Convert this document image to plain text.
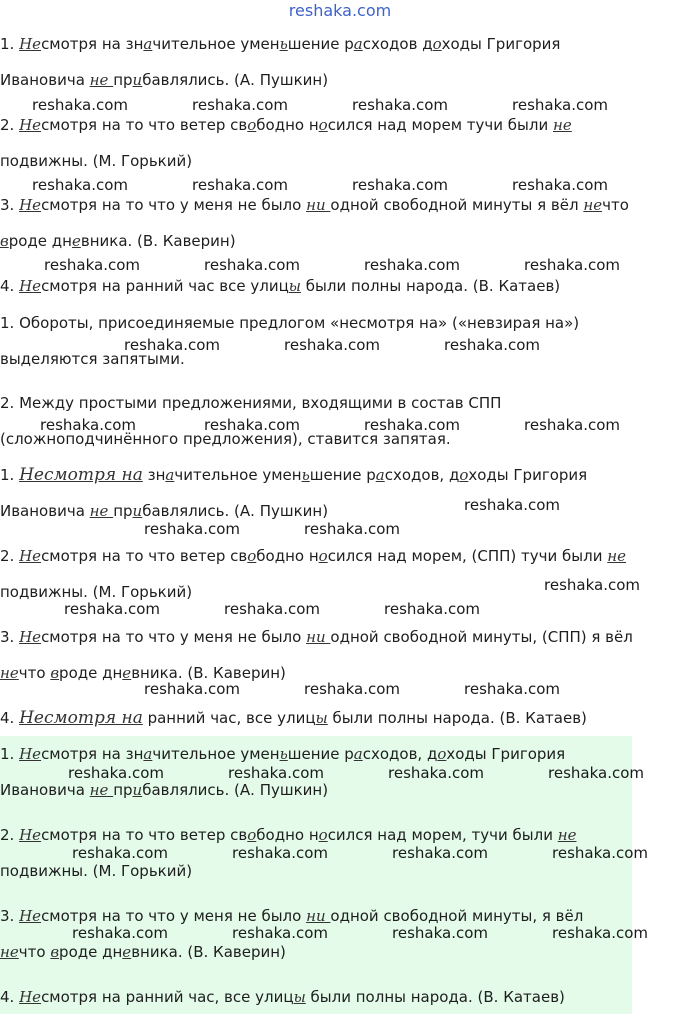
reshaka.com
1. Несмотря на значительное уменьшение расходов доходы Григория
Ивановича не прибавлялись. (А. Пушкин)
2. Несмотря на то что ветер свободно носился над морем тучи были не
подвижны. (М. Горький)
3. Несмотря на то что у меня не было ни одной свободной минуты я вёл нечто
вроде дневника. (В. Каверин)
4. Несмотря на ранний час все улицы были полны народа. (В. Катаев)
1. Обороты, присоединяемые предлогом «несмотря на» («невзирая на»)
выделяются запятыми.
2. Между простыми предложениями, входящими в состав СПП
(сложноподчинённого предложения), ставится запятая.
1. Несмотря на значительное уменьшение расходов, доходы Григория
Ивановича не прибавлялись. (А. Пушкин)
2. Несмотря на то что ветер свободно носился над морем, (СПП) тучи были не
подвижны. (М. Горький)
3. Несмотря на то что у меня не было ни одной свободной минуты, (СПП) я вёл
нечто вроде дневника. (В. Каверин)
4. Несмотря на ранний час, все улицы были полны народа. (В. Катаев)
1. Несмотря на значительное уменьшение расходов, доходы Григория
Ивановича не прибавлялись. (А. Пушкин)
2. Несмотря на то что ветер свободно носился над морем, тучи были не
подвижны. (М. Горький)
3. Несмотря на то что у меня не было ни одной свободной минуты, я вёл
нечто вроде дневника. (В. Каверин)
4. Несмотря на ранний час, все улицы были полны народа. (В. Катаев)
reshaka.com	reshaka.com	reshaka.com	reshaka.com
reshaka.com	reshaka.com	reshaka.com	reshaka.com
reshaka.com	reshaka.com	reshaka.com	reshaka.com
reshaka.com	reshaka.com	reshaka.com
reshaka.com	reshaka.com	reshaka.com	reshaka.com
reshaka.com
reshaka.com	reshaka.com
reshaka.com
reshaka.com	reshaka.com	reshaka.com
reshaka.com	reshaka.com	reshaka.com
reshaka.com	reshaka.com	reshaka.com	reshaka.com
reshaka.com	reshaka.com	reshaka.com	reshaka.com
reshaka.com	reshaka.com	reshaka.com	reshaka.com
